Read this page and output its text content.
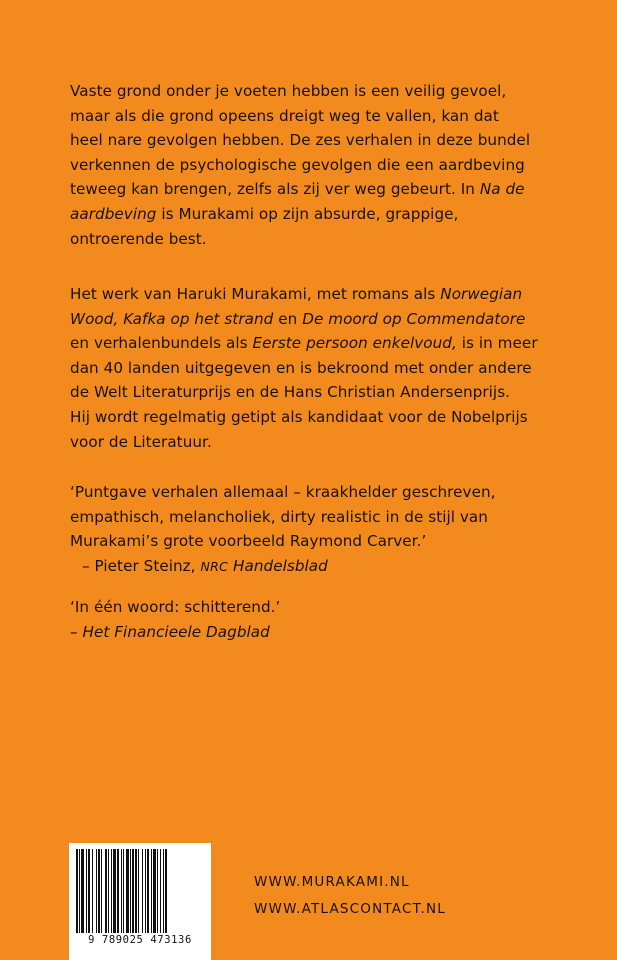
Vaste grond onder je voeten hebben is een veilig gevoel,
maar als die grond opeens dreigt weg te vallen, kan dat
heel nare gevolgen hebben. De zes verhalen in deze bundel
verkennen de psychologische gevolgen die een aardbeving
teweeg kan brengen, zelfs als zij ver weg gebeurt. In Na de
aardbeving is Murakami op zijn absurde, grappige,
ontroerende best.

Het werk van Haruki Murakami, met romans als Norwegian
Wood, Kafka op het strand en De moord op Commendatore
en verhalenbundels als Eerste persoon enkelvoud, is in meer
dan 40 landen uitgegeven en is bekroond met onder andere
de Welt Literaturprijs en de Hans Christian Andersenprijs.
Hij wordt regelmatig getipt als kandidaat voor de Nobelprijs
voor de Literatuur.

‘Puntgave verhalen allemaal – kraakhelder geschreven,
empathisch, melancholiek, dirty realistic in de stijl van
Murakami’s grote voorbeeld Raymond Carver.’
– Pieter Steinz, NRC Handelsblad

‘In één woord: schitterend.’
– Het Financieele Dagblad

9 789025 473136
WWW.MURAKAMI.NL
WWW.ATLASCONTACT.NL
